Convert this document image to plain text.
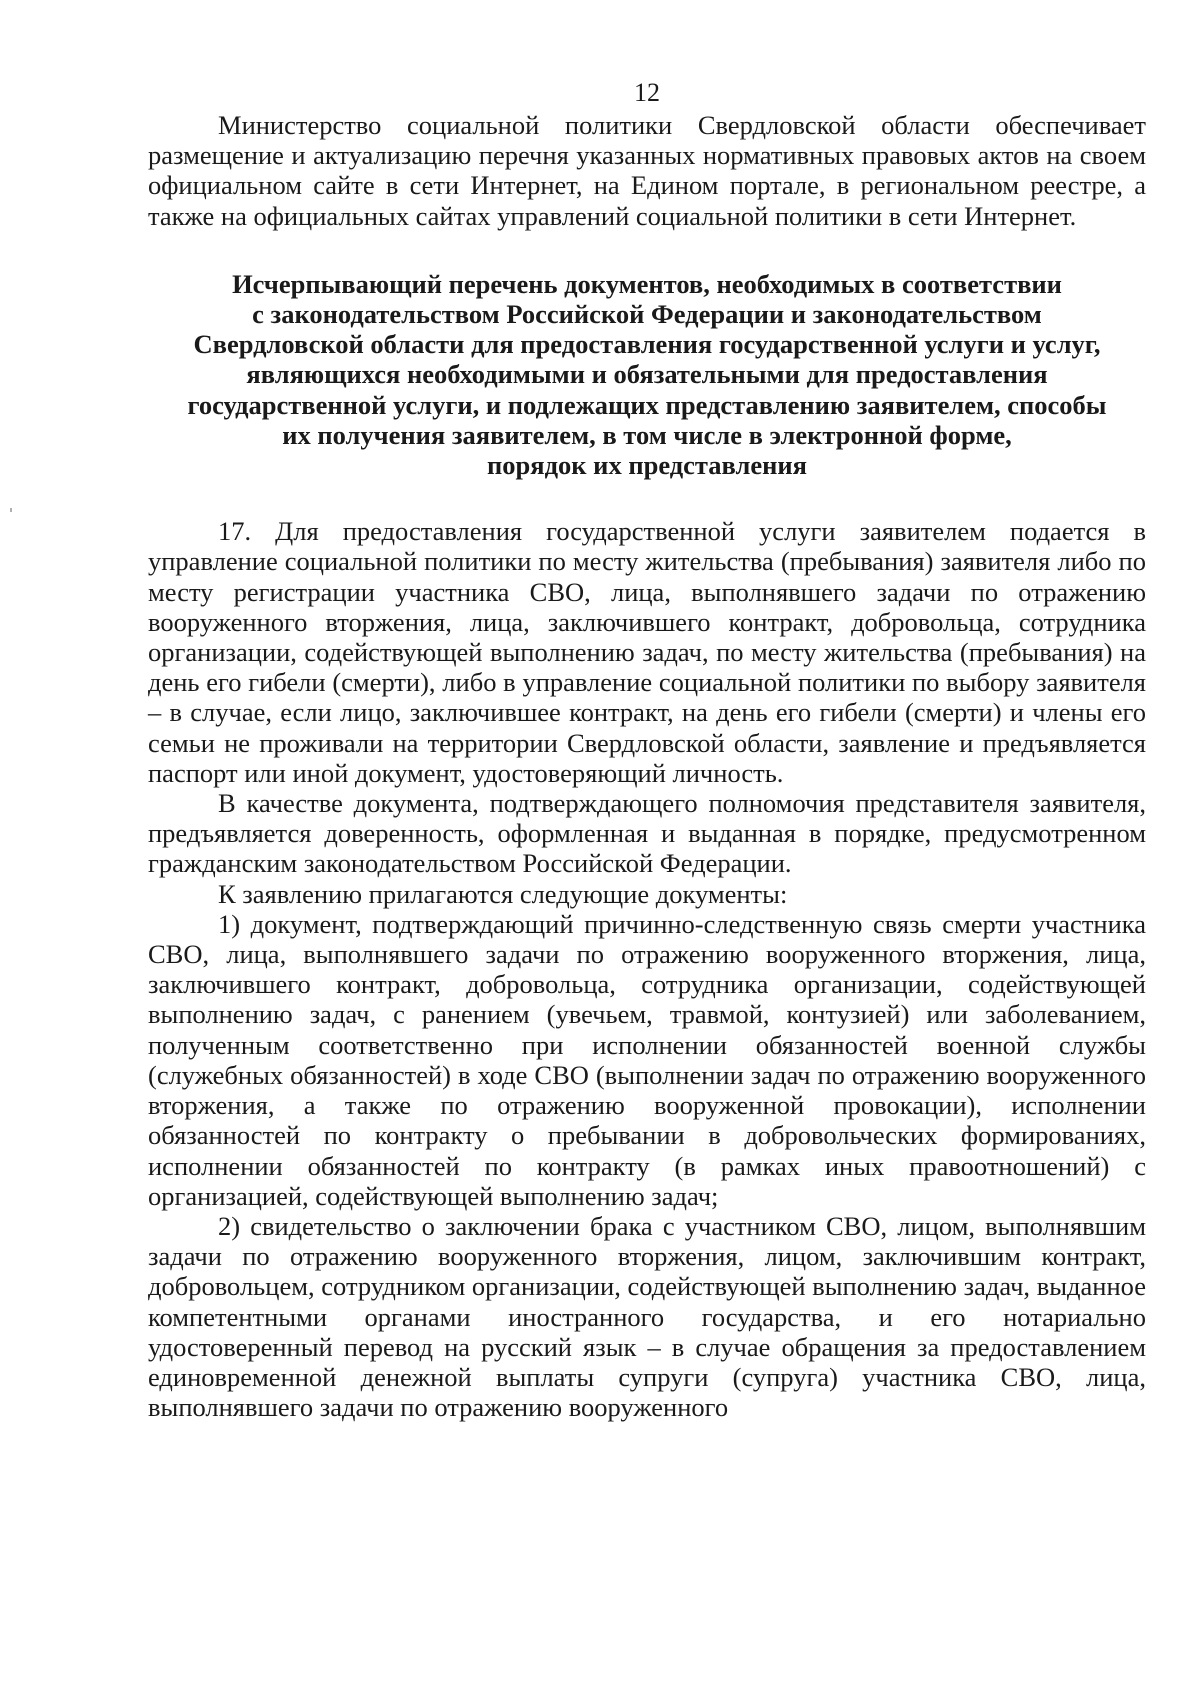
12

Министерство социальной политики Свердловской области обеспечивает размещение и актуализацию перечня указанных нормативных правовых актов на своем официальном сайте в сети Интернет, на Едином портале, в региональном реестре, а также на официальных сайтах управлений социальной политики в сети Интернет.

Исчерпывающий перечень документов, необходимых в соответствии
с законодательством Российской Федерации и законодательством
Свердловской области для предоставления государственной услуги и услуг,
являющихся необходимыми и обязательными для предоставления
государственной услуги, и подлежащих представлению заявителем, способы
их получения заявителем, в том числе в электронной форме,
порядок их представления

17. Для предоставления государственной услуги заявителем подается в управление социальной политики по месту жительства (пребывания) заявителя либо по месту регистрации участника СВО, лица, выполнявшего задачи по отражению вооруженного вторжения, лица, заключившего контракт, добровольца, сотрудника организации, содействующей выполнению задач, по месту жительства (пребывания) на день его гибели (смерти), либо в управление социальной политики по выбору заявителя – в случае, если лицо, заключившее контракт, на день его гибели (смерти) и члены его семьи не проживали на территории Свердловской области, заявление и предъявляется паспорт или иной документ, удостоверяющий личность.

В качестве документа, подтверждающего полномочия представителя заявителя, предъявляется доверенность, оформленная и выданная в порядке, предусмотренном гражданским законодательством Российской Федерации.

К заявлению прилагаются следующие документы:

1) документ, подтверждающий причинно-следственную связь смерти участника СВО, лица, выполнявшего задачи по отражению вооруженного вторжения, лица, заключившего контракт, добровольца, сотрудника организации, содействующей выполнению задач, с ранением (увечьем, травмой, контузией) или заболеванием, полученным соответственно при исполнении обязанностей военной службы (служебных обязанностей) в ходе СВО (выполнении задач по отражению вооруженного вторжения, а также по отражению вооруженной провокации), исполнении обязанностей по контракту о пребывании в добровольческих формированиях, исполнении обязанностей по контракту (в рамках иных правоотношений) с организацией, содействующей выполнению задач;

2) свидетельство о заключении брака с участником СВО, лицом, выполнявшим задачи по отражению вооруженного вторжения, лицом, заключившим контракт, добровольцем, сотрудником организации, содействующей выполнению задач, выданное компетентными органами иностранного государства, и его нотариально удостоверенный перевод на русский язык – в случае обращения за предоставлением единовременной денежной выплаты супруги (супруга) участника СВО, лица, выполнявшего задачи по отражению вооруженного
